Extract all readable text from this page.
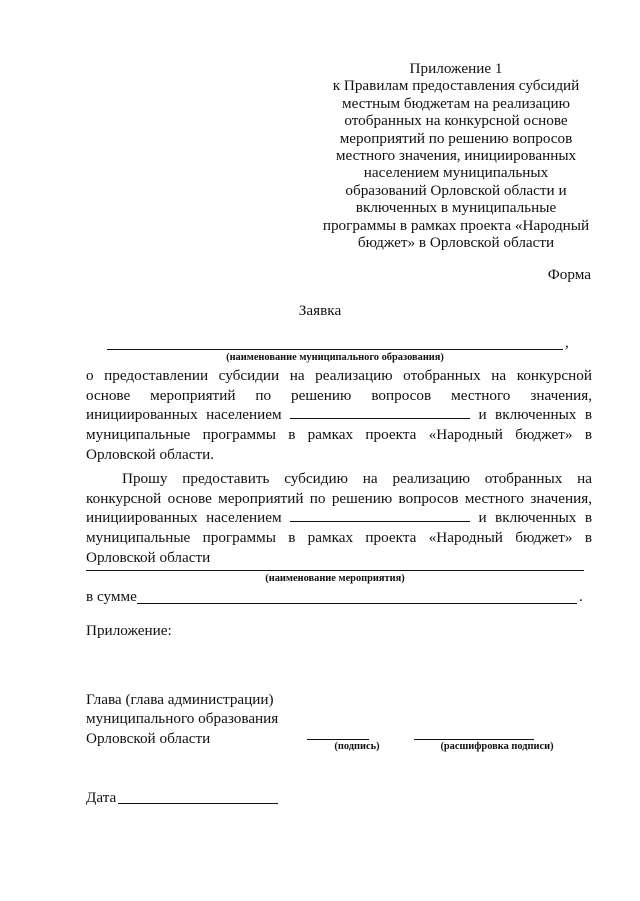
Приложение 1
к Правилам предоставления субсидий
местным бюджетам на реализацию
отобранных на конкурсной основе
мероприятий по решению вопросов
местного значения, инициированных
населением муниципальных
образований Орловской области и
включенных в муниципальные
программы в рамках проекта «Народный
бюджет» в Орловской области
Форма
Заявка
,
(наименование муниципального образования)
о предоставлении субсидии на реализацию отобранных на конкурсной основе мероприятий по решению вопросов местного значения, инициированных населением	и включенных в муниципальные программы в рамках проекта «Народный бюджет» в Орловской области.
Прошу предоставить субсидию на реализацию отобранных на конкурсной основе мероприятий по решению вопросов местного значения, инициированных населением	и включенных в муниципальные программы в рамках проекта «Народный бюджет» в Орловской области
(наименование мероприятия)
в сумме	.
Приложение:
Глава (глава администрации)
муниципального образования
Орловской области	(подпись)	(расшифровка подписи)
Дата
